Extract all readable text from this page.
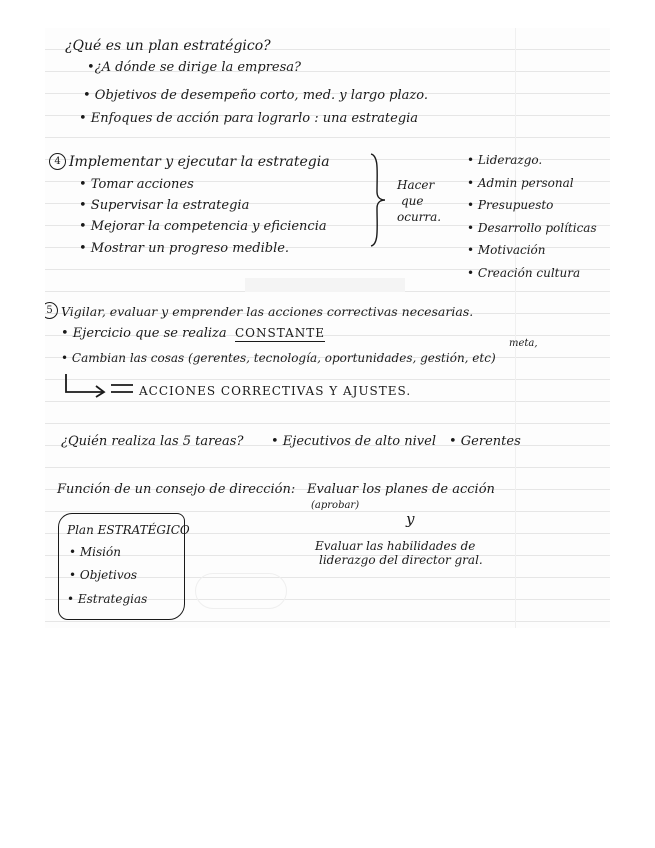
¿Qué es un plan estratégico?
•¿A dónde se dirige la empresa?
• Objetivos de desempeño corto, med. y largo plazo.
• Enfoques de acción para lograrlo : una estrategia
4 Implementar y ejecutar la estrategia
• Tomar acciones
• Supervisar la estrategia
• Mejorar la competencia y eficiencia
• Mostrar un progreso medible.
Hacer
que
ocurra.
• Liderazgo.
• Admin personal
• Presupuesto
• Desarrollo políticas
• Motivación
• Creación cultura
5 Vigilar, evaluar y emprender las acciones correctivas necesarias.
• Ejercicio que se realiza CONSTANTE
meta,
• Cambian las cosas (gerentes, tecnología, oportunidades, gestión, etc)
ACCIONES CORRECTIVAS Y AJUSTES.
¿Quién realiza las 5 tareas? • Ejecutivos de alto nivel • Gerentes
Función de un consejo de dirección: Evaluar los planes de acción
(aprobar)
y
Evaluar las habilidades de
liderazgo del director gral.
Plan ESTRATÉGICO
• Misión
• Objetivos
• Estrategias
